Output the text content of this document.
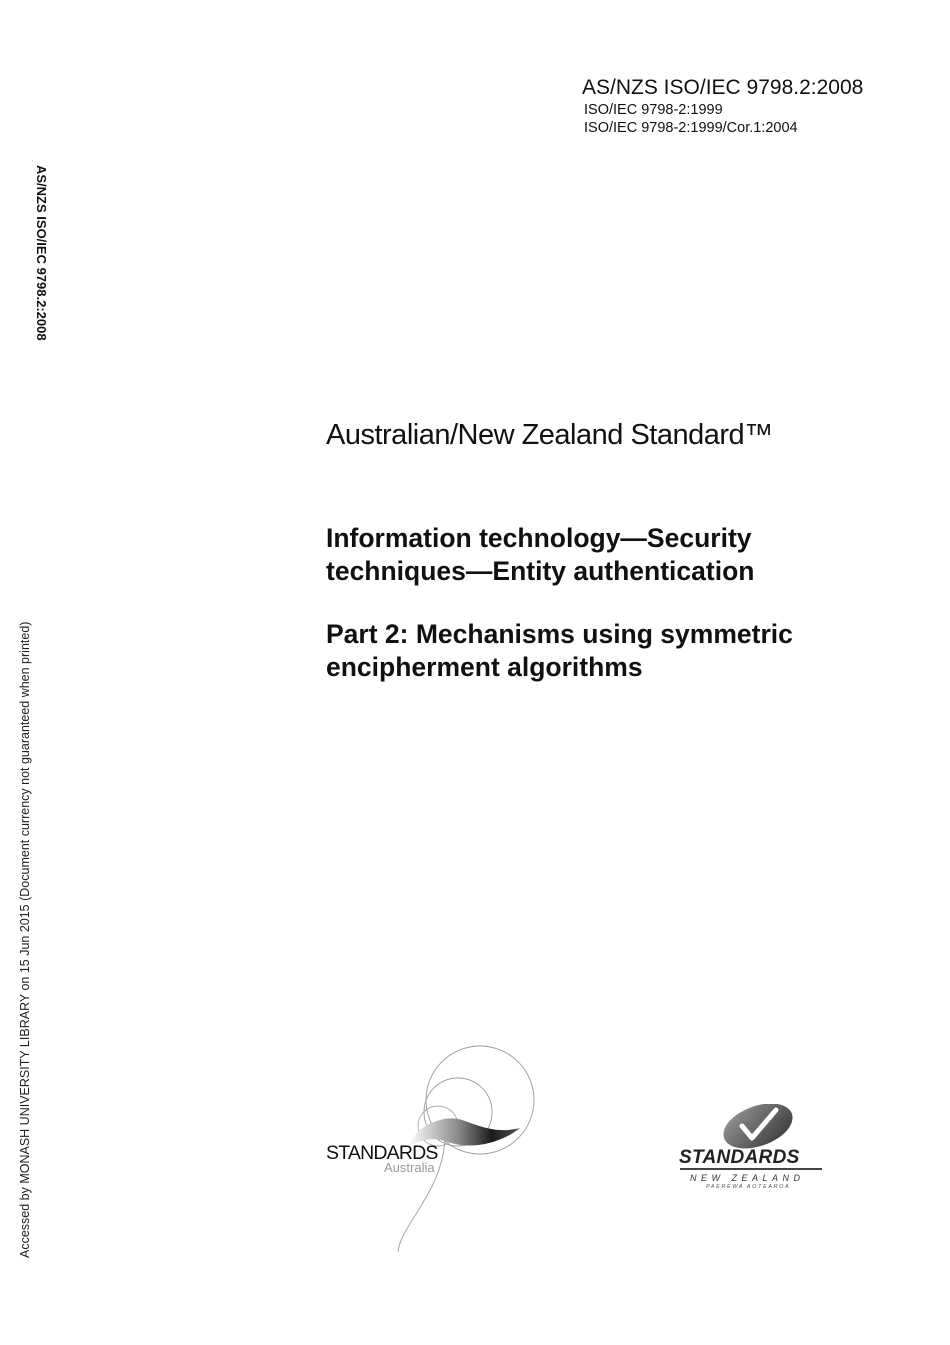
AS/NZS ISO/IEC 9798.2:2008
ISO/IEC 9798-2:1999
ISO/IEC 9798-2:1999/Cor.1:2004
AS/NZS ISO/IEC 9798.2:2008
Accessed by MONASH UNIVERSITY LIBRARY on 15 Jun 2015 (Document currency not guaranteed when printed)
Australian/New Zealand Standard™
Information technology—Security
techniques—Entity authentication
Part 2: Mechanisms using symmetric
encipherment algorithms
STANDARDS
Australia	STANDARDS
NEW ZEALAND
PAEREWA AOTEAROA
